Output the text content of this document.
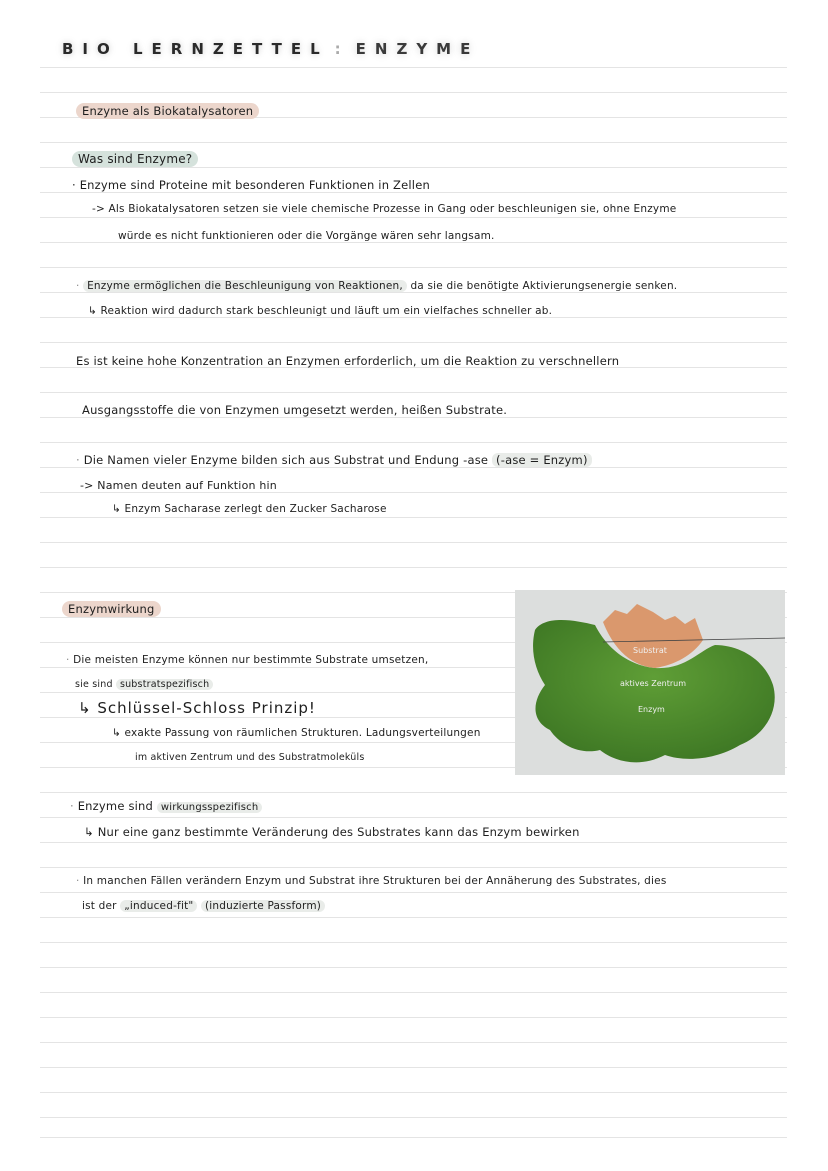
BIO LERNZETTEL : ENZYME
Enzyme als Biokatalysatoren
Was sind Enzyme?
· Enzyme sind Proteine mit besonderen Funktionen in Zellen
-> Als Biokatalysatoren setzen sie viele chemische Prozesse in Gang oder beschleunigen sie, ohne Enzyme
würde es nicht funktionieren oder die Vorgänge wären sehr langsam.
· Enzyme ermöglichen die Beschleunigung von Reaktionen, da sie die benötigte Aktivierungsenergie senken.
↳ Reaktion wird dadurch stark beschleunigt und läuft um ein vielfaches schneller ab.
Es ist keine hohe Konzentration an Enzymen erforderlich, um die Reaktion zu verschnellern
Ausgangsstoffe die von Enzymen umgesetzt werden, heißen Substrate.
· Die Namen vieler Enzyme bilden sich aus Substrat und Endung -ase (-ase = Enzym)
-> Namen deuten auf Funktion hin
↳ Enzym Sacharase zerlegt den Zucker Sacharose
Enzymwirkung
· Die meisten Enzyme können nur bestimmte Substrate umsetzen,
sie sind substratspezifisch
↳ Schlüssel-Schloss Prinzip!
↳ exakte Passung von räumlichen Strukturen. Ladungsverteilungen
im aktiven Zentrum und des Substratmoleküls
Substrat
aktives Zentrum
Enzym
· Enzyme sind wirkungsspezifisch
↳ Nur eine ganz bestimmte Veränderung des Substrates kann das Enzym bewirken
· In manchen Fällen verändern Enzym und Substrat ihre Strukturen bei der Annäherung des Substrates, dies
ist der „induced-fit" (induzierte Passform)
